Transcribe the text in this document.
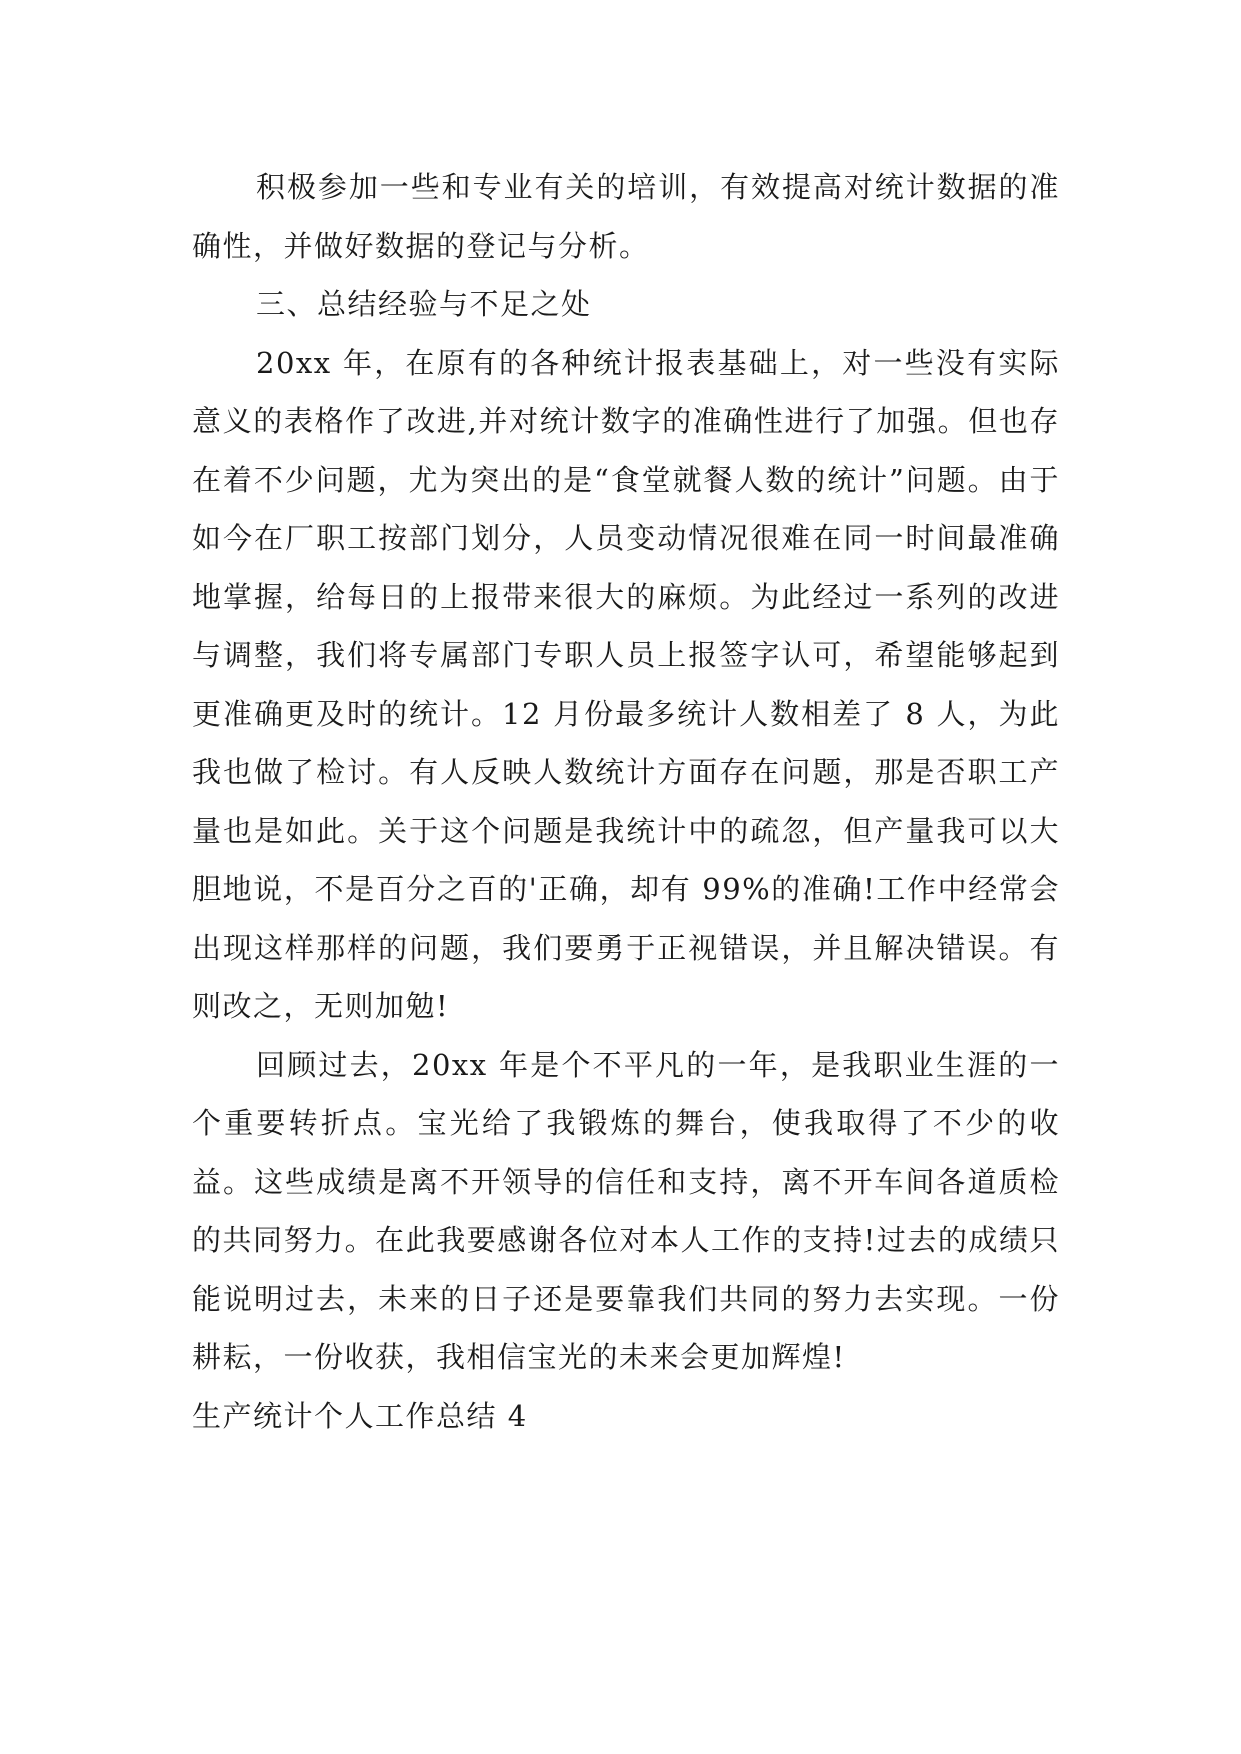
积极参加一些和专业有关的培训，有效提高对统计数据的准确性，并做好数据的登记与分析。

三、总结经验与不足之处

20xx 年，在原有的各种统计报表基础上，对一些没有实际意义的表格作了改进,并对统计数字的准确性进行了加强。但也存在着不少问题，尤为突出的是“食堂就餐人数的统计”问题。由于如今在厂职工按部门划分，人员变动情况很难在同一时间最准确地掌握，给每日的上报带来很大的麻烦。为此经过一系列的改进与调整，我们将专属部门专职人员上报签字认可，希望能够起到更准确更及时的统计。12 月份最多统计人数相差了 8 人，为此我也做了检讨。有人反映人数统计方面存在问题，那是否职工产量也是如此。关于这个问题是我统计中的疏忽，但产量我可以大胆地说，不是百分之百的'正确，却有 99%的准确!工作中经常会出现这样那样的问题，我们要勇于正视错误，并且解决错误。有则改之，无则加勉!

回顾过去，20xx 年是个不平凡的一年，是我职业生涯的一个重要转折点。宝光给了我锻炼的舞台，使我取得了不少的收益。这些成绩是离不开领导的信任和支持，离不开车间各道质检的共同努力。在此我要感谢各位对本人工作的支持!过去的成绩只能说明过去，未来的日子还是要靠我们共同的努力去实现。一份耕耘，一份收获，我相信宝光的未来会更加辉煌!

生产统计个人工作总结 4
